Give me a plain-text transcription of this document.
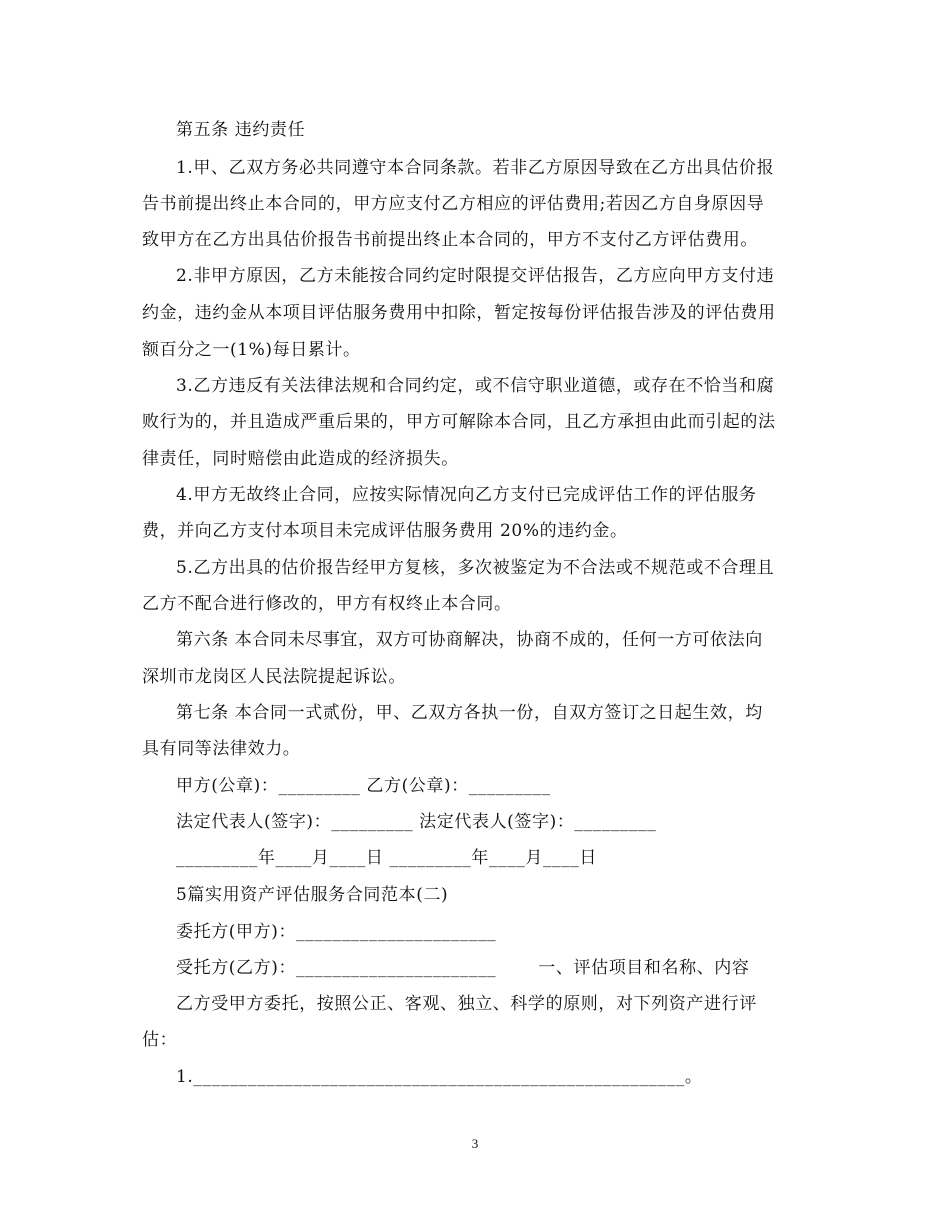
第五条 违约责任
1.甲、乙双方务必共同遵守本合同条款。若非乙方原因导致在乙方出具估价报
告书前提出终止本合同的，甲方应支付乙方相应的评估费用;若因乙方自身原因导
致甲方在乙方出具估价报告书前提出终止本合同的，甲方不支付乙方评估费用。
2.非甲方原因，乙方未能按合同约定时限提交评估报告，乙方应向甲方支付违
约金，违约金从本项目评估服务费用中扣除，暂定按每份评估报告涉及的评估费用
额百分之一(1%)每日累计。
3.乙方违反有关法律法规和合同约定，或不信守职业道德，或存在不恰当和腐
败行为的，并且造成严重后果的，甲方可解除本合同，且乙方承担由此而引起的法
律责任，同时赔偿由此造成的经济损失。
4.甲方无故终止合同，应按实际情况向乙方支付已完成评估工作的评估服务
费，并向乙方支付本项目未完成评估服务费用 20%的违约金。
5.乙方出具的估价报告经甲方复核，多次被鉴定为不合法或不规范或不合理且
乙方不配合进行修改的，甲方有权终止本合同。
第六条 本合同未尽事宜，双方可协商解决，协商不成的，任何一方可依法向
深圳市龙岗区人民法院提起诉讼。
第七条 本合同一式贰份，甲、乙双方各执一份，自双方签订之日起生效，均
具有同等法律效力。
甲方(公章)：_________ 乙方(公章)：_________
法定代表人(签字)：_________ 法定代表人(签字)：_________
_________年____月____日 _________年____月____日
5篇实用资产评估服务合同范本(二)
委托方(甲方)：______________________
受托方(乙方)：______________________       一、评估项目和名称、内容
乙方受甲方委托，按照公正、客观、独立、科学的原则，对下列资产进行评
估：
1.______________________________________________________。
3
